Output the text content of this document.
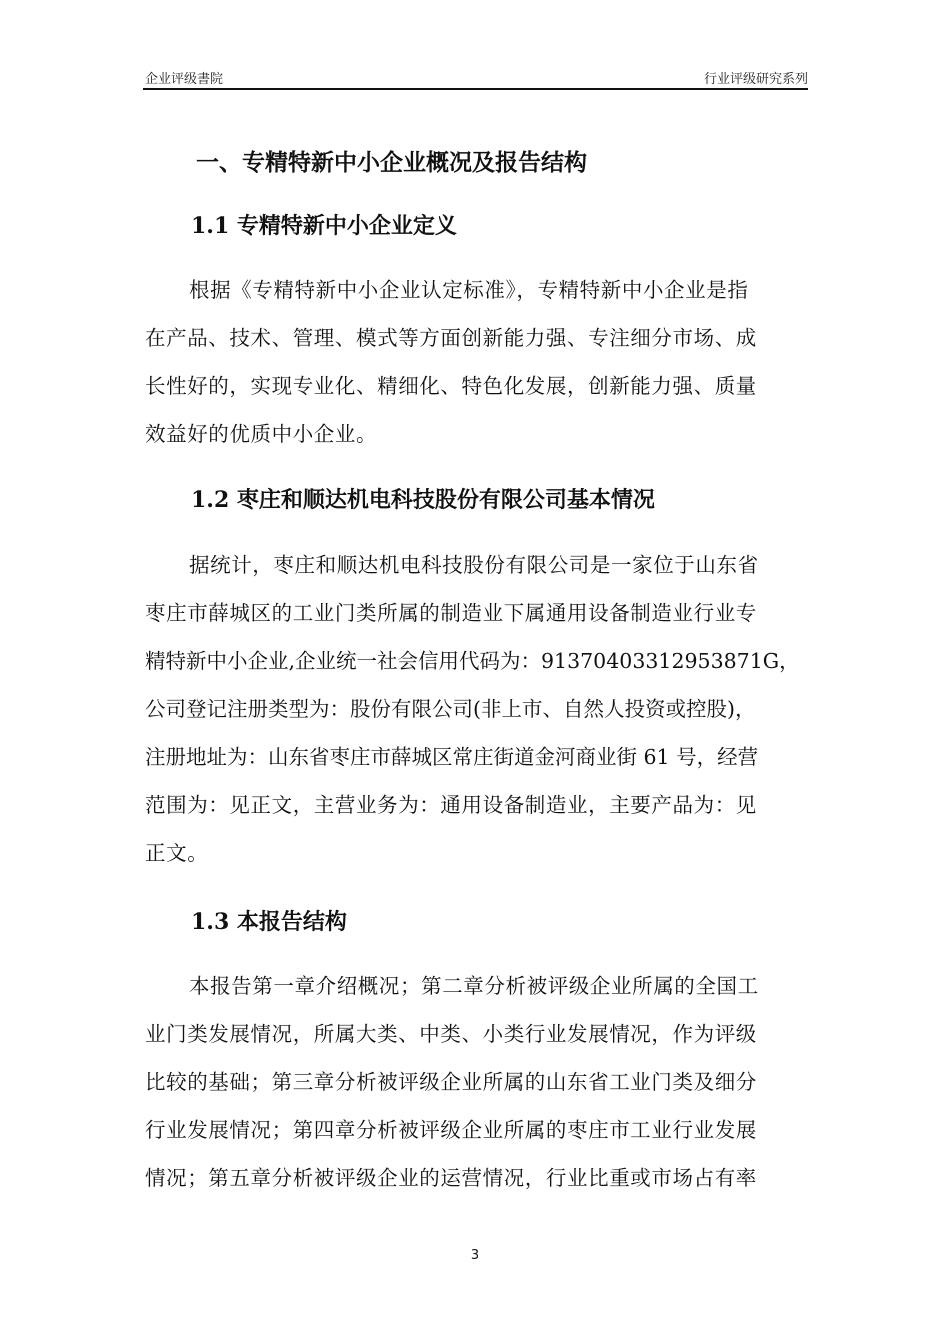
企业评级書院	行业评级研究系列
一、专精特新中小企业概况及报告结构
1.1 专精特新中小企业定义
根据《专精特新中小企业认定标准》，专精特新中小企业是指
在产品、技术、管理、模式等方面创新能力强、专注细分市场、成
长性好的，实现专业化、精细化、特色化发展，创新能力强、质量
效益好的优质中小企业。
1.2 枣庄和顺达机电科技股份有限公司基本情况
据统计，枣庄和顺达机电科技股份有限公司是一家位于山东省
枣庄市薛城区的工业门类所属的制造业下属通用设备制造业行业专
精特新中小企业,企业统一社会信用代码为：91370403312953871G，
公司登记注册类型为：股份有限公司(非上市、自然人投资或控股)，
注册地址为：山东省枣庄市薛城区常庄街道金河商业街 61 号，经营
范围为：见正文，主营业务为：通用设备制造业，主要产品为：见
正文。
1.3 本报告结构
本报告第一章介绍概况；第二章分析被评级企业所属的全国工
业门类发展情况，所属大类、中类、小类行业发展情况，作为评级
比较的基础；第三章分析被评级企业所属的山东省工业门类及细分
行业发展情况；第四章分析被评级企业所属的枣庄市工业行业发展
情况；第五章分析被评级企业的运营情况，行业比重或市场占有率
3
